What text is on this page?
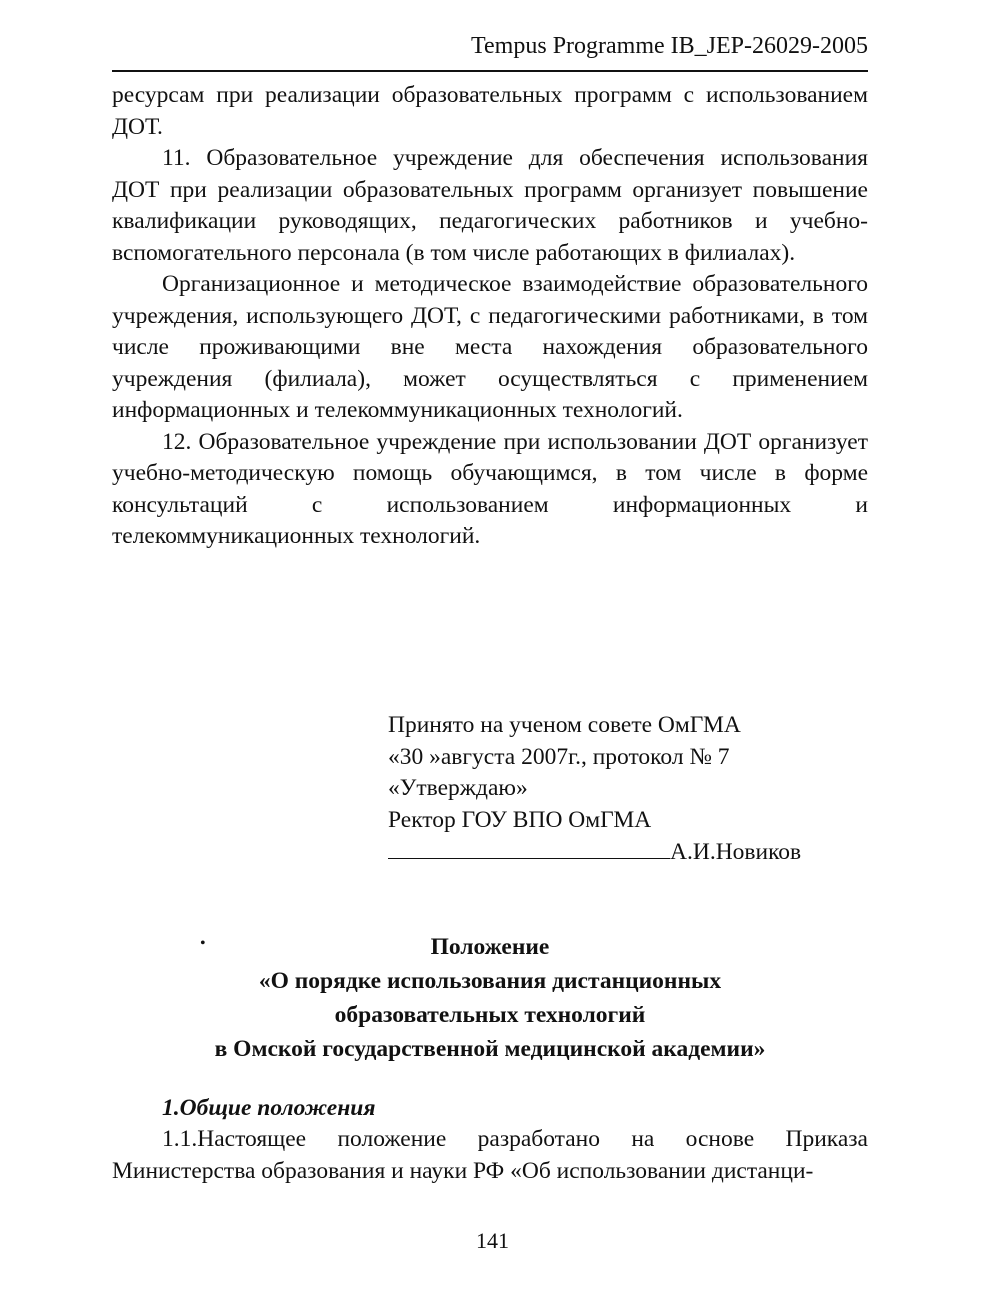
Tempus Programme IB_JEP-26029-2005

ресурсам при реализации образовательных программ с использованием ДОТ.

11. Образовательное учреждение для обеспечения использования ДОТ при реализации образовательных программ организует повышение квалификации руководящих, педагогических работников и учебно-вспомогательного персонала (в том числе работающих в филиалах).

Организационное и методическое взаимодействие образовательного учреждения, использующего ДОТ, с педагогическими работниками, в том числе проживающими вне места нахождения образовательного учреждения (филиала), может осуществляться с применением информационных и телекоммуникационных технологий.

12. Образовательное учреждение при использовании ДОТ организует учебно-методическую помощь обучающимся, в том числе в форме консультаций с использованием информационных и телекоммуникационных технологий.

Принято на ученом совете ОмГМА
«30 »августа 2007г., протокол № 7
«Утверждаю»
Ректор ГОУ ВПО ОмГМА
А.И.Новиков
•	Положение
«О порядке использования дистанционных
образовательных технологий
в Омской государственной медицинской академии»
1.Общие положения

1.1.Настоящее положение разработано на основе Приказа Министерства образования и науки РФ «Об использовании дистанци-

141
